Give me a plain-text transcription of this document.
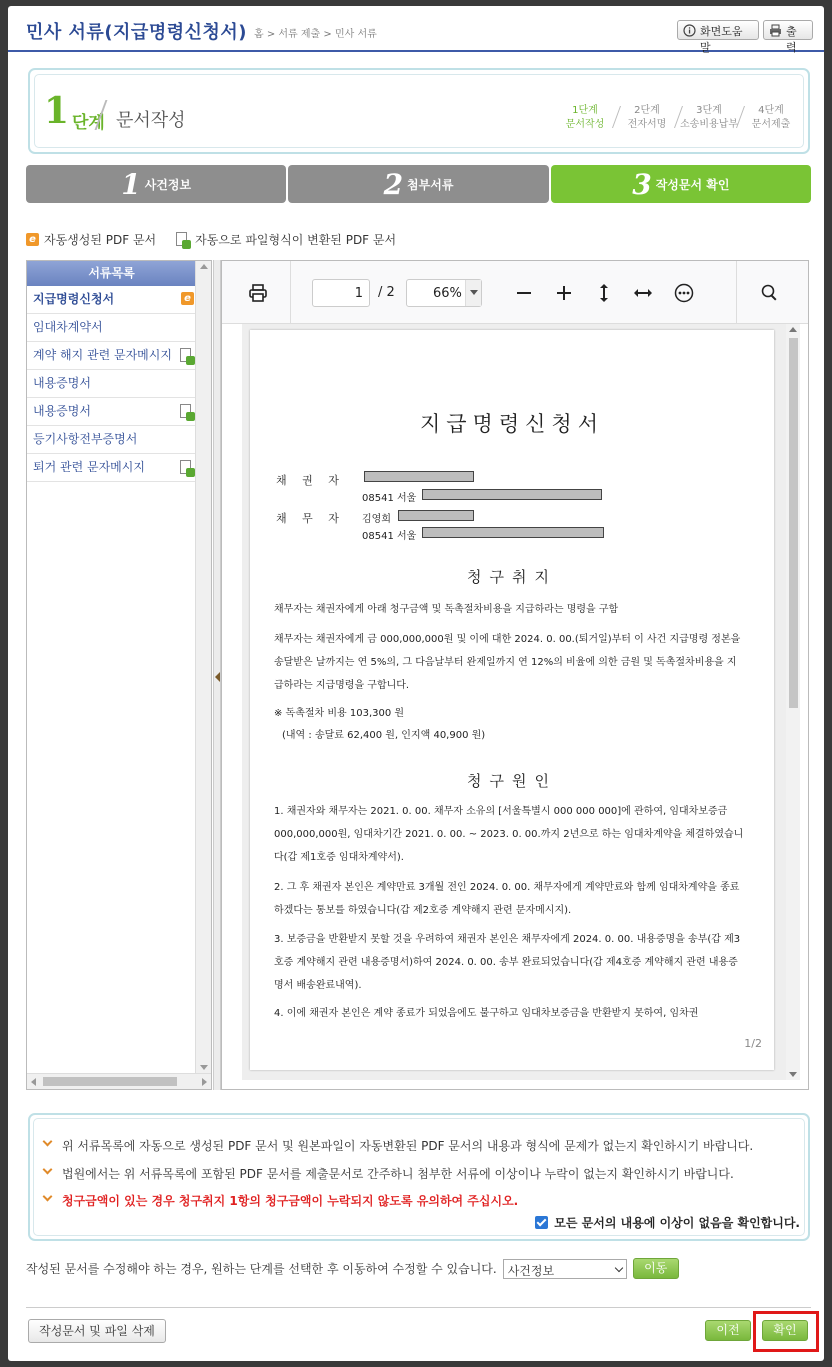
민사 서류(지급명령신청서) 홈 > 서류 제출 > 민사 서류	화면도움말
출력
1 단계 문서작성	1단계
문서작성
2단계
전자서명
3단계
소송비용납부
4단계
문서제출
1 사건정보	2 첨부서류	3 작성문서 확인
e 자동생성된 PDF 문서	자동으로 파일형식이 변환된 PDF 문서
서류목록
지급명령신청서	e
임대차계약서
계약 해지 관련 문자메시지
내용증명서
내용증명서
등기사항전부증명서
퇴거 관련 문자메시지
1	/ 2	66%
지급명령신청서
채 권 자
08541 서울
채 무 자 김영희
08541 서울
청구취지
채무자는 채권자에게 아래 청구금액 및 독촉절차비용을 지급하라는 명령을 구함
채무자는 채권자에게 금 000,000,000원 및 이에 대한 2024. 0. 00.(퇴거일)부터 이 사건 지급명령 정본을 송달받은 날까지는 연 5%의, 그 다음날부터 완제일까지 연 12%의 비율에 의한 금원 및 독촉절차비용을 지급하라는 지급명령을 구합니다.
※ 독촉절차 비용 103,300 원
(내역 : 송달료 62,400 원, 인지액 40,900 원)
청구원인
1. 채권자와 채무자는 2021. 0. 00. 채무자 소유의 [서울특별시 000 000 000]에 관하여, 임대차보증금 000,000,000원, 임대차기간 2021. 0. 00. ~ 2023. 0. 00.까지 2년으로 하는 임대차계약을 체결하였습니다(갑 제1호증 임대차계약서).
2. 그 후 채권자 본인은 계약만료 3개월 전인 2024. 0. 00. 채무자에게 계약만료와 함께 임대차계약을 종료하겠다는 통보를 하였습니다(갑 제2호증 계약해지 관련 문자메시지).
3. 보증금을 반환받지 못할 것을 우려하여 채권자 본인은 채무자에게 2024. 0. 00. 내용증명을 송부(갑 제3호증 계약해지 관련 내용증명서)하여 2024. 0. 00. 송부 완료되었습니다(갑 제4호증 계약해지 관련 내용증명서 배송완료내역).
4. 이에 채권자 본인은 계약 종료가 되었음에도 불구하고 임대차보증금을 반환받지 못하여, 임차권
1/2
위 서류목록에 자동으로 생성된 PDF 문서 및 원본파일이 자동변환된 PDF 문서의 내용과 형식에 문제가 없는지 확인하시기 바랍니다.
법원에서는 위 서류목록에 포함된 PDF 문서를 제출문서로 간주하니 첨부한 서류에 이상이나 누락이 없는지 확인하시기 바랍니다.
청구금액이 있는 경우 청구취지 1항의 청구금액이 누락되지 않도록 유의하여 주십시오.
모든 문서의 내용에 이상이 없음을 확인합니다.
작성된 문서를 수정해야 하는 경우, 원하는 단계를 선택한 후 이동하여 수정할 수 있습니다. 사건정보	이동
작성문서 및 파일 삭제	이전	확인
